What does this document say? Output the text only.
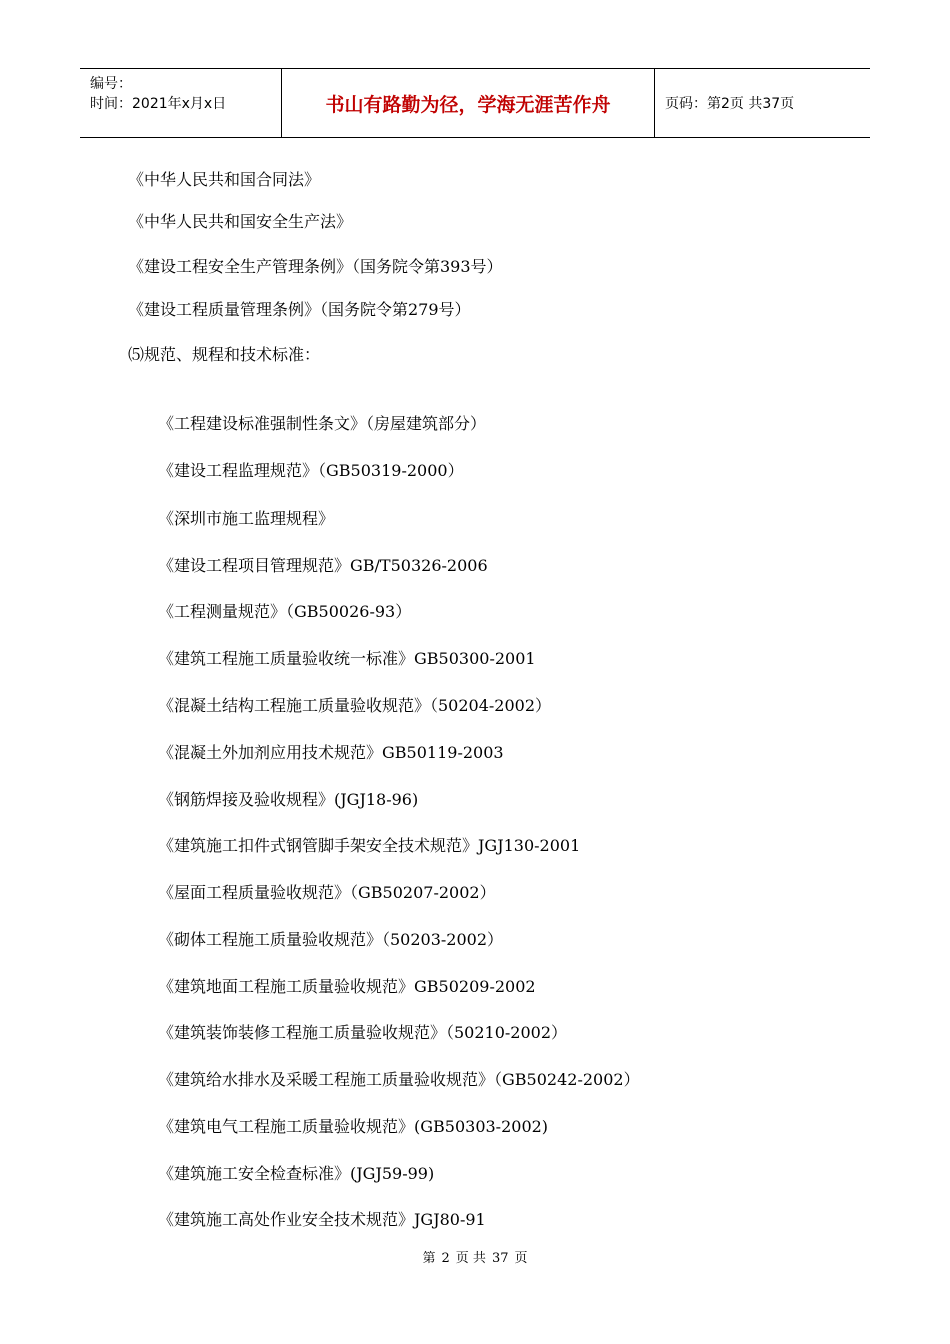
编号：
时间：2021年x月x日	书山有路勤为径，学海无涯苦作舟	页码：第2页 共37页
《中华人民共和国合同法》
《中华人民共和国安全生产法》
《建设工程安全生产管理条例》（国务院令第393号）
《建设工程质量管理条例》（国务院令第279号）
⑸规范、规程和技术标准：
《工程建设标准强制性条文》（房屋建筑部分）
《建设工程监理规范》（GB50319-2000）
《深圳市施工监理规程》
《建设工程项目管理规范》GB/T50326-2006
《工程测量规范》（GB50026-93）
《建筑工程施工质量验收统一标准》GB50300-2001
《混凝土结构工程施工质量验收规范》（50204-2002）
《混凝土外加剂应用技术规范》GB50119-2003
《钢筋焊接及验收规程》(JGJ18-96)
《建筑施工扣件式钢管脚手架安全技术规范》JGJ130-2001
《屋面工程质量验收规范》（GB50207-2002）
《砌体工程施工质量验收规范》（50203-2002）
《建筑地面工程施工质量验收规范》GB50209-2002
《建筑装饰装修工程施工质量验收规范》（50210-2002）
《建筑给水排水及采暖工程施工质量验收规范》（GB50242-2002）
《建筑电气工程施工质量验收规范》(GB50303-2002)
《建筑施工安全检查标准》(JGJ59-99)
《建筑施工高处作业安全技术规范》JGJ80-91
第 2 页 共 37 页
